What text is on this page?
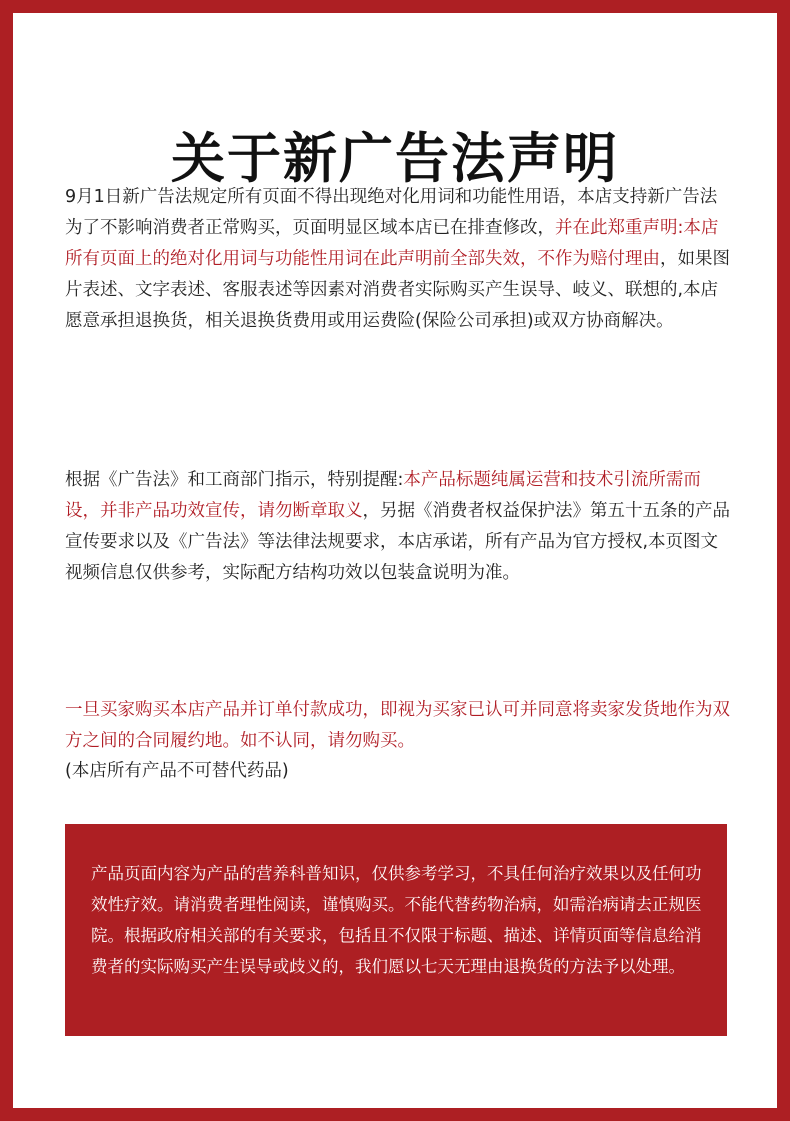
关于新广告法声明

9月1日新广告法规定所有页面不得出现绝对化用词和功能性用语，本店支持新广告法为了不影响消费者正常购买，页面明显区域本店已在排查修改，并在此郑重声明:本店所有页面上的绝对化用词与功能性用词在此声明前全部失效，不作为赔付理由，如果图片表述、文字表述、客服表述等因素对消费者实际购买产生误导、岐义、联想的,本店愿意承担退换货，相关退换货费用或用运费险(保险公司承担)或双方协商解决。

根据《广告法》和工商部门指示，特别提醒:本产品标题纯属运营和技术引流所需而设，并非产品功效宣传，请勿断章取义，另据《消费者权益保护法》第五十五条的产品宣传要求以及《广告法》等法律法规要求，本店承诺，所有产品为官方授权,本页图文视频信息仅供参考，实际配方结构功效以包装盒说明为准。

一旦买家购买本店产品并订单付款成功，即视为买家已认可并同意将卖家发货地作为双方之间的合同履约地。如不认同，请勿购买。

(本店所有产品不可替代药品)

产品页面内容为产品的营养科普知识，仅供参考学习，不具任何治疗效果以及任何功效性疗效。请消费者理性阅读，谨慎购买。不能代替药物治病，如需治病请去正规医院。根据政府相关部的有关要求，包括且不仅限于标题、描述、详情页面等信息给消费者的实际购买产生误导或歧义的，我们愿以七天无理由退换货的方法予以处理。
